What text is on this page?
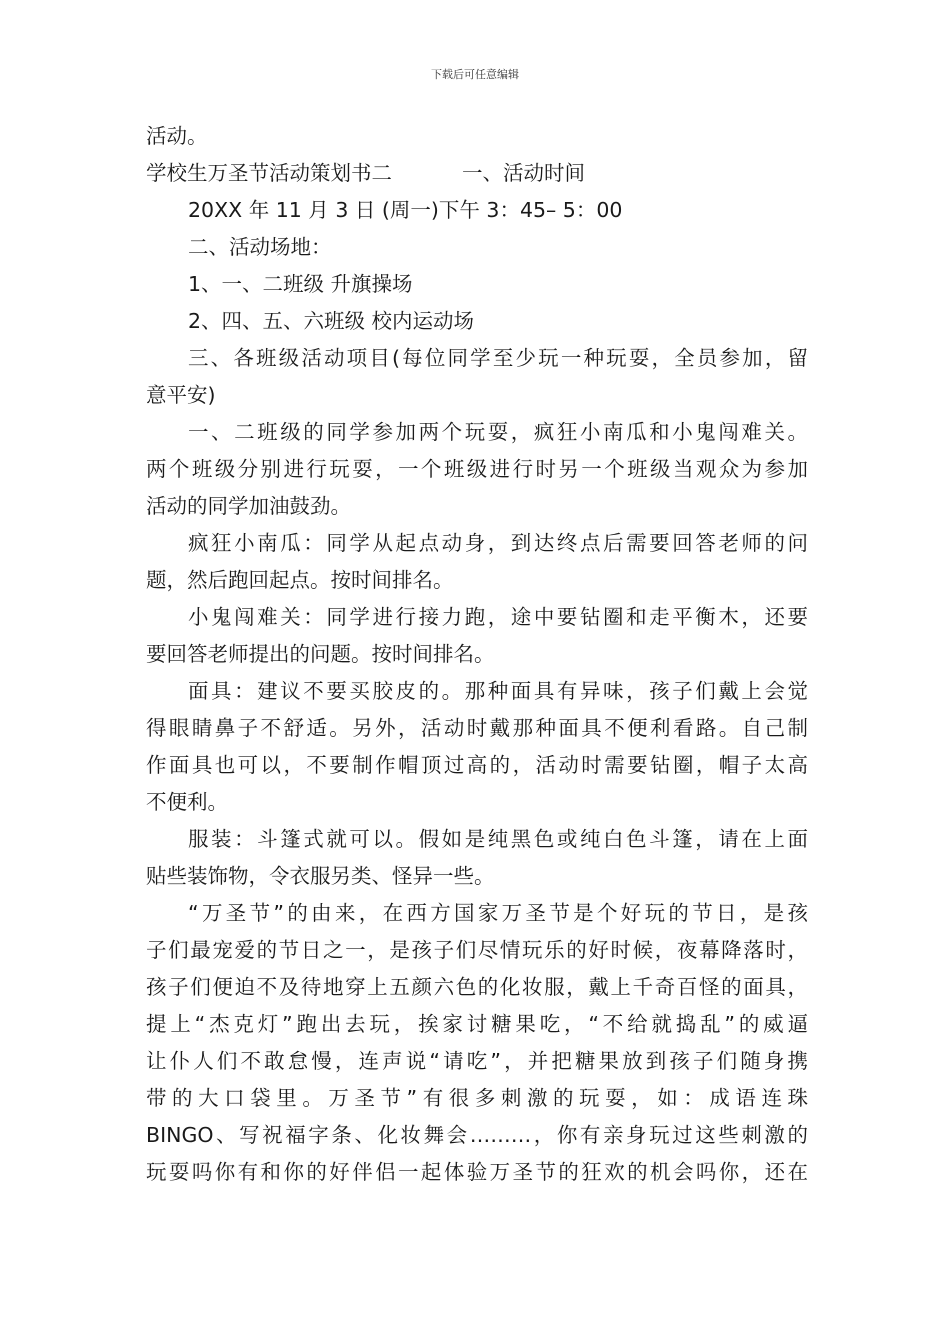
下载后可任意编辑
活动。
学校生万圣节活动策划书二	一、活动时间
20XX 年 11 月 3 日 (周一)下午 3：45– 5：00
二、活动场地：
1、一、二班级 升旗操场
2、四、五、六班级 校内运动场
三、各班级活动项目(每位同学至少玩一种玩耍，全员参加，留
意平安)
一、二班级的同学参加两个玩耍，疯狂小南瓜和小鬼闯难关。
两个班级分别进行玩耍，一个班级进行时另一个班级当观众为参加
活动的同学加油鼓劲。
疯狂小南瓜：同学从起点动身，到达终点后需要回答老师的问
题，然后跑回起点。按时间排名。
小鬼闯难关：同学进行接力跑，途中要钻圈和走平衡木，还要
要回答老师提出的问题。按时间排名。
面具：建议不要买胶皮的。那种面具有异味，孩子们戴上会觉
得眼睛鼻子不舒适。另外，活动时戴那种面具不便利看路。自己制
作面具也可以，不要制作帽顶过高的，活动时需要钻圈，帽子太高
不便利。
服装：斗篷式就可以。假如是纯黑色或纯白色斗篷，请在上面
贴些装饰物，令衣服另类、怪异一些。
“万圣节”的由来，在西方国家万圣节是个好玩的节日，是孩
子们最宠爱的节日之一，是孩子们尽情玩乐的好时候，夜幕降落时，
孩子们便迫不及待地穿上五颜六色的化妆服，戴上千奇百怪的面具，
提上“杰克灯”跑出去玩，挨家讨糖果吃，“不给就捣乱”的威逼
让仆人们不敢怠慢，连声说“请吃”，并把糖果放到孩子们随身携
带的大口袋里。万圣节”有很多刺激的玩耍，如：成语连珠
BINGO、写祝福字条、化妆舞会………，你有亲身玩过这些刺激的
玩耍吗你有和你的好伴侣一起体验万圣节的狂欢的机会吗你，还在
